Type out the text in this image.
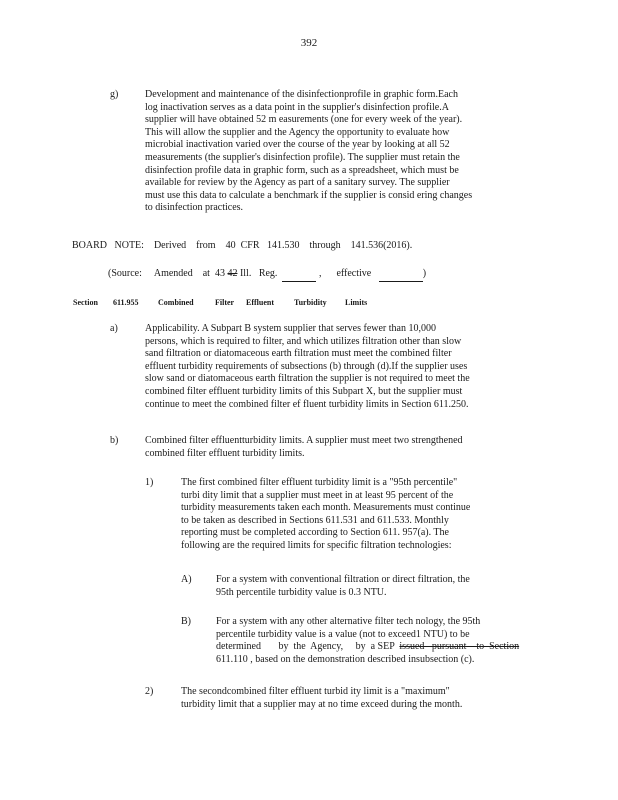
392
g)	Development and maintenance of the disinfectionprofile in graphic form.Each
log inactivation serves as a data point in the supplier's disinfection profile.A
supplier will have obtained 52 m easurements (one for every week of the year).
This will allow the supplier and the Agency the opportunity to evaluate how
microbial inactivation varied over the course of the year by looking at all 52
measurements (the supplier's disinfection profile). The supplier must retain the
disinfection profile data in graphic form, such as a spreadsheet, which must be
available for review by the Agency as part of a sanitary survey. The supplier
must use this data to calculate a benchmark if the supplier is consid ering changes
to disinfection practices.
BOARD   NOTE:    Derived    from    40  CFR   141.530    through    141.536(2016).
(Source: Amended    at  43 42 Ill. Reg.	, effective	)
Section 611.955 Combined	Filter Effluent	Turbidity Limits
a)	Applicability. A Subpart B system supplier that serves fewer than 10,000
persons, which is required to filter, and which utilizes filtration other than slow
sand filtration or diatomaceous earth filtration must meet the combined filter
effluent turbidity requirements of subsections (b) through (d).If the supplier uses
slow sand or diatomaceous earth filtration the supplier is not required to meet the
combined filter effluent turbidity limits of this Subpart X, but the supplier must
continue to meet the combined filter ef fluent turbidity limits in Section 611.250.
b)	Combined filter effluentturbidity limits. A supplier must meet two strengthened
combined filter effluent turbidity limits.
1)	The first combined filter effluent turbidity limit is a "95th percentile"
turbi dity limit that a supplier must meet in at least 95 percent of the
turbidity measurements taken each month. Measurements must continue
to be taken as described in Sections 611.531 and 611.533. Monthly
reporting must be completed according to Section 611. 957(a). The
following are the required limits for specific filtration technologies:
A)	For a system with conventional filtration or direct filtration, the
95th percentile turbidity value is 0.3 NTU.
B)	For a system with any other alternative filter tech nology, the 95th
percentile turbidity value is a value (not to exceed1 NTU) to be
determined       by  the  Agency,     by  a SEP issued   pursuant    to  Section
611.110 , based on the demonstration described insubsection (c).
2)	The secondcombined filter effluent turbid ity limit is a "maximum"
turbidity limit that a supplier may at no time exceed during the month.
